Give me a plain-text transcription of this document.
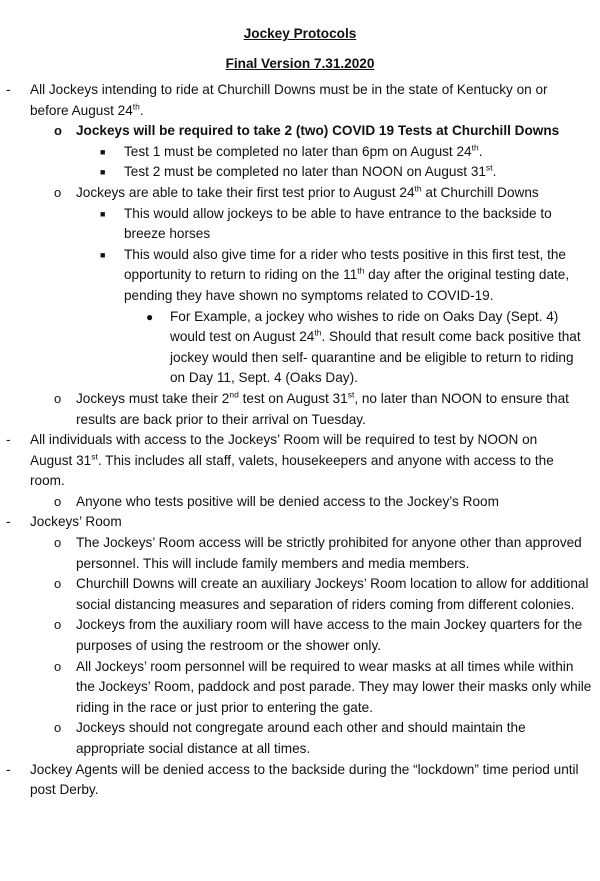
Jockey Protocols

Final Version 7.31.2020

- All Jockeys intending to ride at Churchill Downs must be in the state of Kentucky on or before August 24th.
o Jockeys will be required to take 2 (two) COVID 19 Tests at Churchill Downs
■ Test 1 must be completed no later than 6pm on August 24th.
■ Test 2 must be completed no later than NOON on August 31st.
o Jockeys are able to take their first test prior to August 24th at Churchill Downs
■ This would allow jockeys to be able to have entrance to the backside to breeze horses
■ This would also give time for a rider who tests positive in this first test, the opportunity to return to riding on the 11th day after the original testing date, pending they have shown no symptoms related to COVID-19.
● For Example, a jockey who wishes to ride on Oaks Day (Sept. 4) would test on August 24th. Should that result come back positive that jockey would then self- quarantine and be eligible to return to riding on Day 11, Sept. 4 (Oaks Day).
o Jockeys must take their 2nd test on August 31st, no later than NOON to ensure that results are back prior to their arrival on Tuesday.
- All individuals with access to the Jockeys’ Room will be required to test by NOON on August 31st. This includes all staff, valets, housekeepers and anyone with access to the room.
o Anyone who tests positive will be denied access to the Jockey’s Room
- Jockeys’ Room
o The Jockeys’ Room access will be strictly prohibited for anyone other than approved personnel. This will include family members and media members.
o Churchill Downs will create an auxiliary Jockeys’ Room location to allow for additional social distancing measures and separation of riders coming from different colonies.
o Jockeys from the auxiliary room will have access to the main Jockey quarters for the purposes of using the restroom or the shower only.
o All Jockeys’ room personnel will be required to wear masks at all times while within the Jockeys’ Room, paddock and post parade. They may lower their masks only while riding in the race or just prior to entering the gate.
o Jockeys should not congregate around each other and should maintain the appropriate social distance at all times.
- Jockey Agents will be denied access to the backside during the “lockdown” time period until post Derby.
